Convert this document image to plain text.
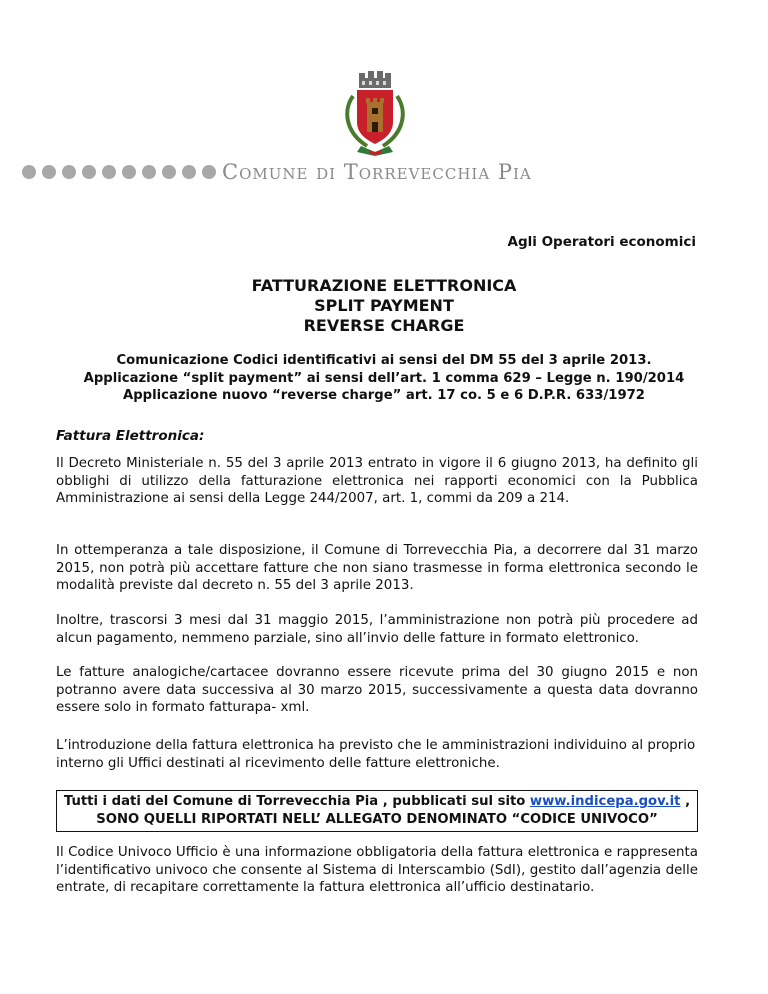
Comune di Torrevecchia Pia
Agli Operatori economici
FATTURAZIONE ELETTRONICA
SPLIT PAYMENT
REVERSE CHARGE
Comunicazione Codici identificativi ai sensi del DM 55 del 3 aprile 2013.
Applicazione “split payment” ai sensi dell’art. 1 comma 629 – Legge n. 190/2014
Applicazione nuovo “reverse charge” art. 17 co. 5 e 6 D.P.R. 633/1972
Fattura Elettronica:

Il Decreto Ministeriale n. 55 del 3 aprile 2013 entrato in vigore il 6 giugno 2013, ha definito gli obblighi di utilizzo della fatturazione elettronica nei rapporti economici con la Pubblica Amministrazione ai sensi della Legge 244/2007, art. 1, commi da 209 a 214.

In ottemperanza a tale disposizione, il Comune di Torrevecchia Pia, a decorrere dal 31 marzo 2015, non potrà più accettare fatture che non siano trasmesse in forma elettronica secondo le modalità previste dal decreto n. 55 del 3 aprile 2013.

Inoltre, trascorsi 3 mesi dal 31 maggio 2015, l’amministrazione non potrà più procedere ad alcun pagamento, nemmeno parziale, sino all’invio delle fatture in formato elettronico.

Le fatture analogiche/cartacee dovranno essere ricevute prima del 30 giugno 2015 e non potranno avere data successiva al 30 marzo 2015, successivamente a questa data dovranno essere solo in formato fatturapa- xml.

L’introduzione della fattura elettronica ha previsto che le amministrazioni individuino al proprio interno gli Uffici destinati al ricevimento delle fatture elettroniche.

Tutti i dati del Comune di Torrevecchia Pia , pubblicati sul sito www.indicepa.gov.it ,
SONO QUELLI RIPORTATI NELL’ ALLEGATO DENOMINATO “CODICE UNIVOCO”

Il Codice Univoco Ufficio è una informazione obbligatoria della fattura elettronica e rappresenta l’identificativo univoco che consente al Sistema di Interscambio (SdI), gestito dall’agenzia delle entrate, di recapitare correttamente la fattura elettronica all’ufficio destinatario.
